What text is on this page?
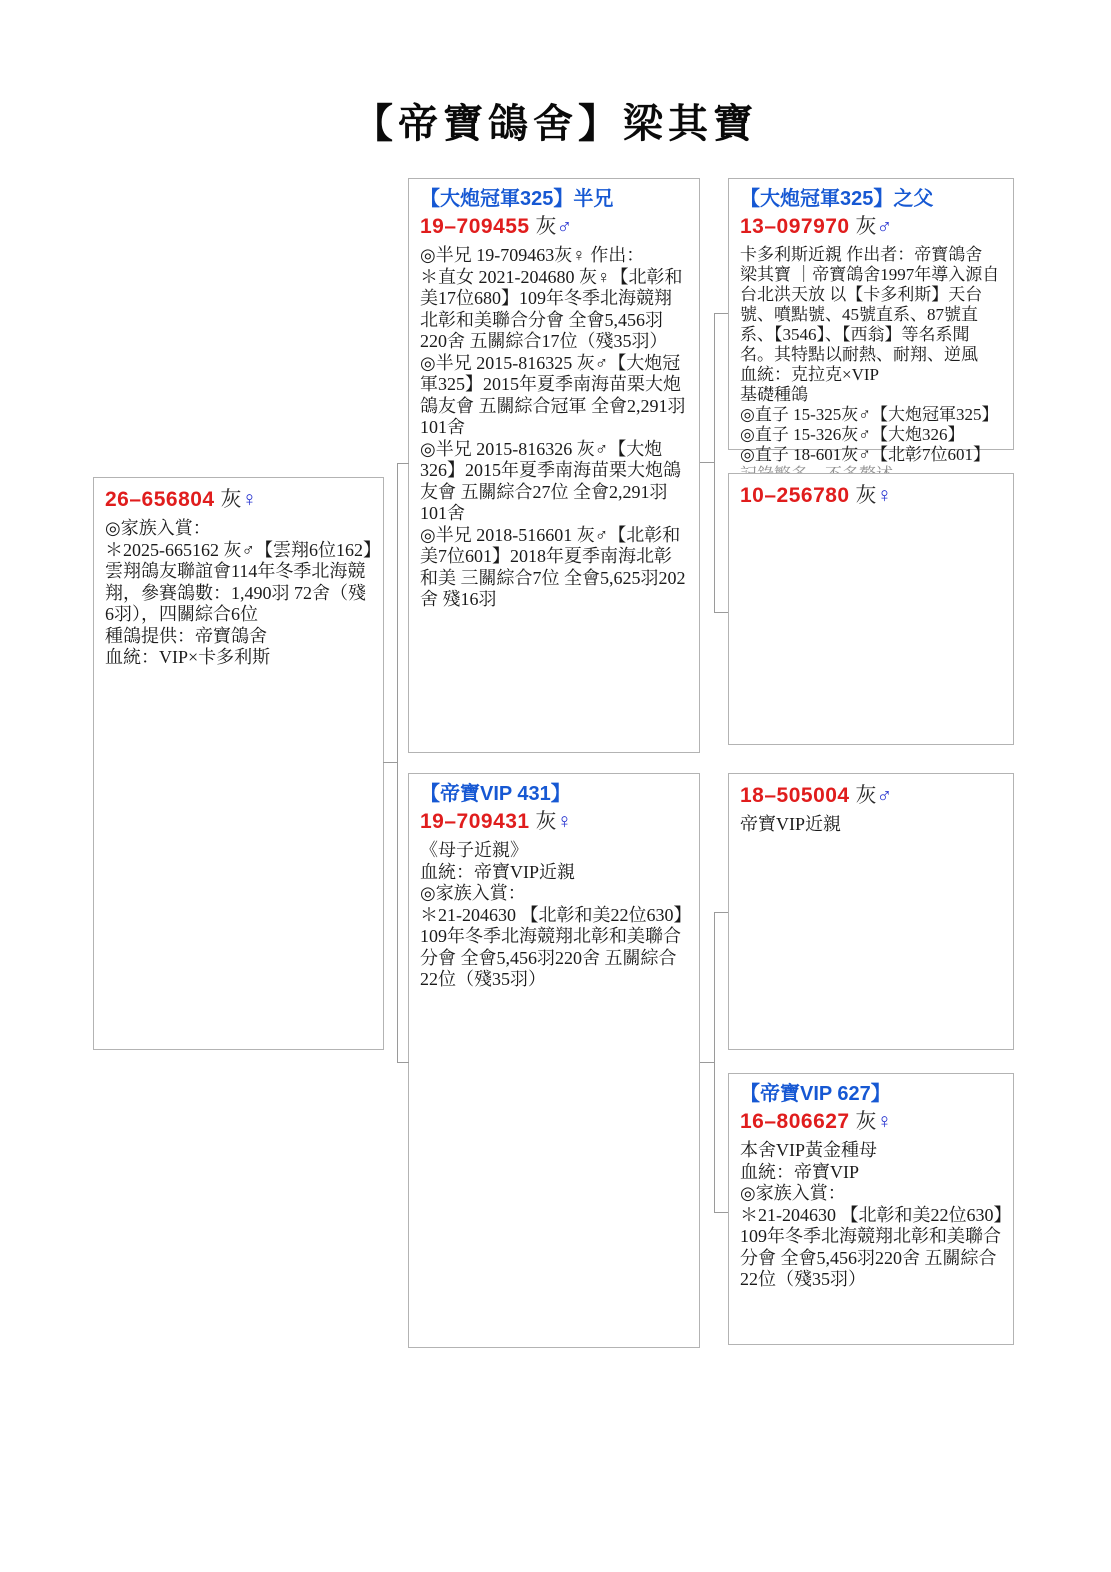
【帝寶鴿舍】梁其寶
26–656804 灰♀
◎家族入賞：
＊2025-665162 灰♂【雲翔6位162】
雲翔鴿友聯誼會114年冬季北海競翔，參賽鴿數：1,490羽 72舍（殘6羽），四關綜合6位
種鴿提供：帝寶鴿舍
血統：VIP×卡多利斯
【大炮冠軍325】半兄
19–709455 灰♂
◎半兄 19-709463灰♀ 作出：
＊直女 2021-204680 灰♀【北彰和美17位680】109年冬季北海競翔北彰和美聯合分會 全會5,456羽220舍 五關綜合17位（殘35羽）
◎半兄 2015-816325 灰♂【大炮冠軍325】2015年夏季南海苗栗大炮鴿友會 五關綜合冠軍 全會2,291羽101舍
◎半兄 2015-816326 灰♂【大炮326】2015年夏季南海苗栗大炮鴿友會 五關綜合27位 全會2,291羽101舍
◎半兄 2018-516601 灰♂【北彰和美7位601】2018年夏季南海北彰和美 三關綜合7位 全會5,625羽202舍 殘16羽
【帝寶VIP 431】
19–709431 灰♀
《母子近親》
血統：帝寶VIP近親
◎家族入賞：
＊21-204630 【北彰和美22位630】109年冬季北海競翔北彰和美聯合分會 全會5,456羽220舍 五關綜合22位（殘35羽）
【大炮冠軍325】之父
13–097970 灰♂
卡多利斯近親 作出者：帝寶鴿舍 梁其寶 ｜帝寶鴿舍1997年導入源自 台北洪天放 以【卡多利斯】天台號、噴點號、45號直系、87號直系、【3546】、【西翁】等名系聞名。其特點以耐熱、耐翔、逆風
血統：克拉克×VIP
基礎種鴿
◎直子 15-325灰♂【大炮冠軍325】
◎直子 15-326灰♂【大炮326】
◎直子 18-601灰♂【北彰7位601】
10–256780 灰♀
18–505004 灰♂
帝寶VIP近親
【帝寶VIP 627】
16–806627 灰♀
本舍VIP黃金種母
血統：帝寶VIP
◎家族入賞：
＊21-204630 【北彰和美22位630】109年冬季北海競翔北彰和美聯合分會 全會5,456羽220舍 五關綜合22位（殘35羽）
